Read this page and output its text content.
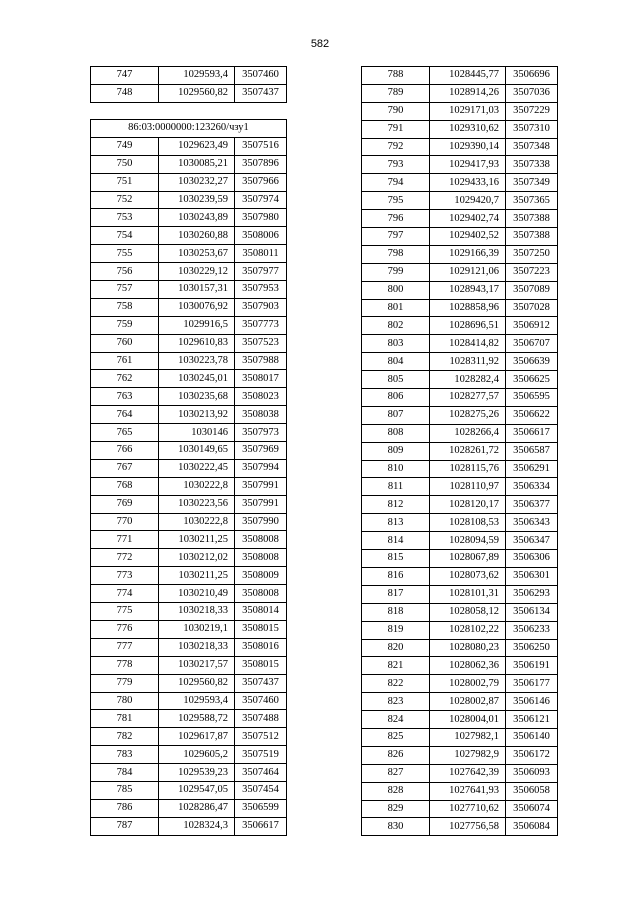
582
747	1029593,4	3507460
748	1029560,82	3507437
86:03:0000000:123260/чзу1		
749	1029623,49	3507516
750	1030085,21	3507896
751	1030232,27	3507966
752	1030239,59	3507974
753	1030243,89	3507980
754	1030260,88	3508006
755	1030253,67	3508011
756	1030229,12	3507977
757	1030157,31	3507953
758	1030076,92	3507903
759	1029916,5	3507773
760	1029610,83	3507523
761	1030223,78	3507988
762	1030245,01	3508017
763	1030235,68	3508023
764	1030213,92	3508038
765	1030146	3507973
766	1030149,65	3507969
767	1030222,45	3507994
768	1030222,8	3507991
769	1030223,56	3507991
770	1030222,8	3507990
771	1030211,25	3508008
772	1030212,02	3508008
773	1030211,25	3508009
774	1030210,49	3508008
775	1030218,33	3508014
776	1030219,1	3508015
777	1030218,33	3508016
778	1030217,57	3508015
779	1029560,82	3507437
780	1029593,4	3507460
781	1029588,72	3507488
782	1029617,87	3507512
783	1029605,2	3507519
784	1029539,23	3507464
785	1029547,05	3507454
786	1028286,47	3506599
787	1028324,3	3506617
788	1028445,77	3506696
789	1028914,26	3507036
790	1029171,03	3507229
791	1029310,62	3507310
792	1029390,14	3507348
793	1029417,93	3507338
794	1029433,16	3507349
795	1029420,7	3507365
796	1029402,74	3507388
797	1029402,52	3507388
798	1029166,39	3507250
799	1029121,06	3507223
800	1028943,17	3507089
801	1028858,96	3507028
802	1028696,51	3506912
803	1028414,82	3506707
804	1028311,92	3506639
805	1028282,4	3506625
806	1028277,57	3506595
807	1028275,26	3506622
808	1028266,4	3506617
809	1028261,72	3506587
810	1028115,76	3506291
811	1028110,97	3506334
812	1028120,17	3506377
813	1028108,53	3506343
814	1028094,59	3506347
815	1028067,89	3506306
816	1028073,62	3506301
817	1028101,31	3506293
818	1028058,12	3506134
819	1028102,22	3506233
820	1028080,23	3506250
821	1028062,36	3506191
822	1028002,79	3506177
823	1028002,87	3506146
824	1028004,01	3506121
825	1027982,1	3506140
826	1027982,9	3506172
827	1027642,39	3506093
828	1027641,93	3506058
829	1027710,62	3506074
830	1027756,58	3506084
